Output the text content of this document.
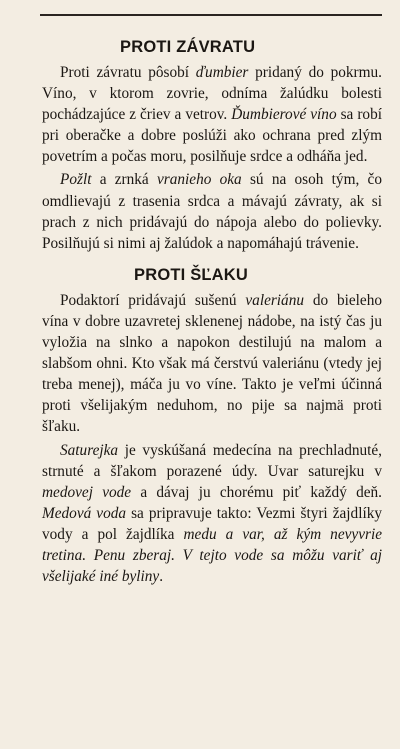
PROTI ZÁVRATU

Proti závratu pôsobí ďumbier pridaný do pokrmu. Víno, v ktorom zovrie, odníma žalúdku bolesti pochádzajúce z čriev a vetrov. Ďumbierové víno sa robí pri oberačke a dobre poslúži ako ochrana pred zlým povetrím a počas moru, posilňuje srdce a odháňa jed.

Požlt a zrnká vranieho oka sú na osoh tým, čo omdlievajú z trasenia srdca a mávajú závraty, ak si prach z nich pridávajú do nápoja alebo do polievky. Posilňujú si nimi aj žalúdok a napomáhajú trávenie.

PROTI ŠĽAKU

Podaktorí pridávajú sušenú valeriánu do bieleho vína v dobre uzavretej sklenenej nádobe, na istý čas ju vyložia na slnko a napokon destilujú na malom a slabšom ohni. Kto však má čerstvú valeriánu (vtedy jej treba menej), máča ju vo víne. Takto je veľmi účinná proti všelijakým neduhom, no pije sa najmä proti šľaku.

Saturejka je vyskúšaná medecína na prechladnuté, strnuté a šľakom porazené údy. Uvar saturejku v medovej vode a dávaj ju chorému piť každý deň. Medová voda sa pripravuje takto: Vezmi štyri žajdlíky vody a pol žajdlíka medu a var, až kým nevyvrie tretina. Penu zberaj. V tejto vode sa môžu variť aj všelijaké iné byliny.
